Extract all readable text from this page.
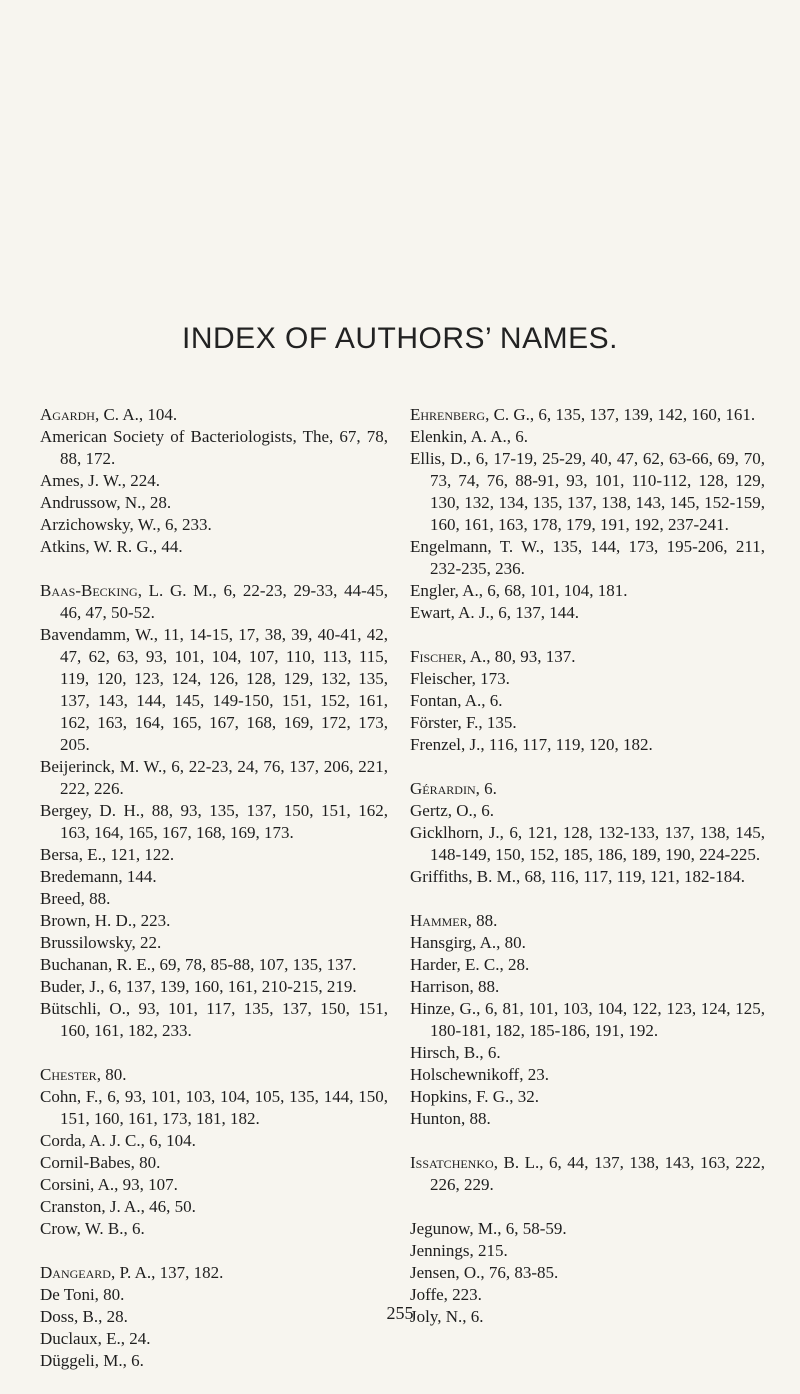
INDEX OF AUTHORS’ NAMES.
Agardh, C. A., 104.
American Society of Bacteriologists, The, 67, 78, 88, 172.
Ames, J. W., 224.
Andrussow, N., 28.
Arzichowsky, W., 6, 233.
Atkins, W. R. G., 44.
Baas-Becking, L. G. M., 6, 22-23, 29-33, 44-45, 46, 47, 50-52.
Bavendamm, W., 11, 14-15, 17, 38, 39, 40-41, 42, 47, 62, 63, 93, 101, 104, 107, 110, 113, 115, 119, 120, 123, 124, 126, 128, 129, 132, 135, 137, 143, 144, 145, 149-150, 151, 152, 161, 162, 163, 164, 165, 167, 168, 169, 172, 173, 205.
Beijerinck, M. W., 6, 22-23, 24, 76, 137, 206, 221, 222, 226.
Bergey, D. H., 88, 93, 135, 137, 150, 151, 162, 163, 164, 165, 167, 168, 169, 173.
Bersa, E., 121, 122.
Bredemann, 144.
Breed, 88.
Brown, H. D., 223.
Brussilowsky, 22.
Buchanan, R. E., 69, 78, 85-88, 107, 135, 137.
Buder, J., 6, 137, 139, 160, 161, 210-215, 219.
Bütschli, O., 93, 101, 117, 135, 137, 150, 151, 160, 161, 182, 233.
Chester, 80.
Cohn, F., 6, 93, 101, 103, 104, 105, 135, 144, 150, 151, 160, 161, 173, 181, 182.
Corda, A. J. C., 6, 104.
Cornil-Babes, 80.
Corsini, A., 93, 107.
Cranston, J. A., 46, 50.
Crow, W. B., 6.
Dangeard, P. A., 137, 182.
De Toni, 80.
Doss, B., 28.
Duclaux, E., 24.
Düggeli, M., 6.
Ehrenberg, C. G., 6, 135, 137, 139, 142, 160, 161.
Elenkin, A. A., 6.
Ellis, D., 6, 17-19, 25-29, 40, 47, 62, 63-66, 69, 70, 73, 74, 76, 88-91, 93, 101, 110-112, 128, 129, 130, 132, 134, 135, 137, 138, 143, 145, 152-159, 160, 161, 163, 178, 179, 191, 192, 237-241.
Engelmann, T. W., 135, 144, 173, 195-206, 211, 232-235, 236.
Engler, A., 6, 68, 101, 104, 181.
Ewart, A. J., 6, 137, 144.
Fischer, A., 80, 93, 137.
Fleischer, 173.
Fontan, A., 6.
Förster, F., 135.
Frenzel, J., 116, 117, 119, 120, 182.
Gérardin, 6.
Gertz, O., 6.
Gicklhorn, J., 6, 121, 128, 132-133, 137, 138, 145, 148-149, 150, 152, 185, 186, 189, 190, 224-225.
Griffiths, B. M., 68, 116, 117, 119, 121, 182-184.
Hammer, 88.
Hansgirg, A., 80.
Harder, E. C., 28.
Harrison, 88.
Hinze, G., 6, 81, 101, 103, 104, 122, 123, 124, 125, 180-181, 182, 185-186, 191, 192.
Hirsch, B., 6.
Holschewnikoff, 23.
Hopkins, F. G., 32.
Hunton, 88.
Issatchenko, B. L., 6, 44, 137, 138, 143, 163, 222, 226, 229.
Jegunow, M., 6, 58-59.
Jennings, 215.
Jensen, O., 76, 83-85.
Joffe, 223.
Joly, N., 6.
255
